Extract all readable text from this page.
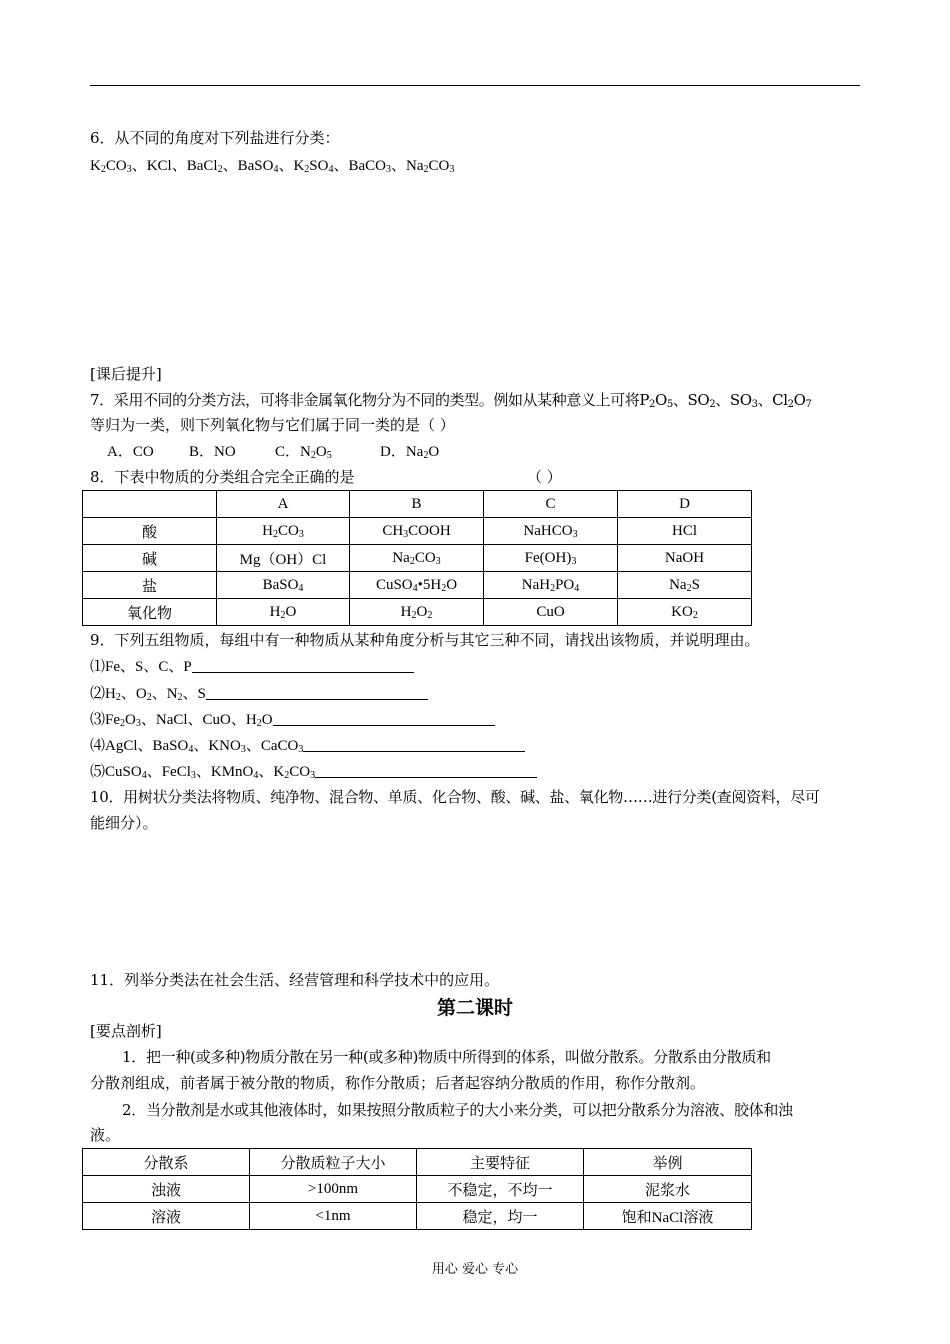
6．从不同的角度对下列盐进行分类：
$K_2CO_3$、KCl、BaCl$_2$、BaSO$_4$、$K_2SO_4$、BaCO$_3$、$Na_2CO_3$
[课后提升]
7．采用不同的分类方法，可将非金属氧化物分为不同的类型。例如从某种意义上可将$P_2O_5$、$SO_2$、$SO_3$、$Cl_2O_7$
等归为一类，则下列氧化物与它们属于同一类的是（ ）
A．CO B．NO	C．$N_2O_5$	D．$Na_2O$
8．下表中物质的分类组合完全正确的是	（ ）
	A	B	C	D
酸	$H_2CO_3$	$CH_3COOH$	NaHCO$_3$	HCl
碱	Mg（OH）Cl	$Na_2CO_3$	$Fe(OH)_3$	NaOH
盐	BaSO$_4$	$CuSO_4•5H_2O$	$NaH_2PO_4$	$Na_2S$
氧化物	$H_2O$	$H_2O_2$	CuO	$KO_2$
9．下列五组物质，每组中有一种物质从某种角度分析与其它三种不同，请找出该物质，并说明理由。
⑴Fe、S、C、P
$⑵H_2$、$O_2$、$N_2$、S
$⑶Fe_2O_3$、NaCl、CuO、$H_2O$
⑷AgCl、BaSO$_4$、$KNO_3$、CaCO$_3$
⑸CuSO$_4$、FeCl$_3$、KMnO$_4$、$K_2CO_3$
10．用树状分类法将物质、纯净物、混合物、单质、化合物、酸、碱、盐、氧化物……进行分类(查阅资料，尽可
能细分）。
11．列举分类法在社会生活、经营管理和科学技术中的应用。
第二课时
[要点剖析]
1．把一种(或多种)物质分散在另一种(或多种)物质中所得到的体系，叫做分散系。分散系由分散质和
分散剂组成，前者属于被分散的物质，称作分散质；后者起容纳分散质的作用，称作分散剂。
2．当分散剂是水或其他液体时，如果按照分散质粒子的大小来分类，可以把分散系分为溶液、胶体和浊
液。
分散系	分散质粒子大小	主要特征	举例
浊液	>100nm	不稳定，不均一	泥浆水
溶液	<1nm	稳定，均一	饱和NaCl溶液
用心 爱心 专心
